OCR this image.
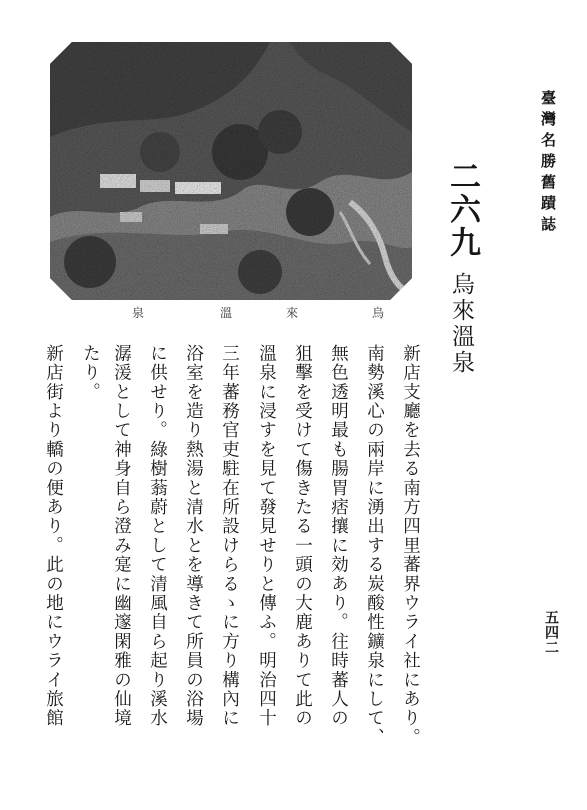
泉	溫	來	烏
臺灣名勝舊蹟誌
二六九
烏來溫泉
五四二
新店支廳を去る南方四里蕃界ウライ社にあり。
南勢溪心の兩岸に湧出する炭酸性鑛泉にして、
無色透明最も腸胃痞攘に効あり。往時蕃人の
狙擊を受けて傷きたる一頭の大鹿ありて此の
溫泉に浸すを見て發見せりと傳ふ。明治四十
三年蕃務官吏駐在所設けらるゝに方り構內に
浴室を造り熱湯と清水とを導きて所員の浴場
に供せり。綠樹蓊蔚として清風自ら起り溪水
潺湲として神身自ら澄み寔に幽邃閑雅の仙境
たり。
新店街より轎の便あり。此の地にウライ旅館
